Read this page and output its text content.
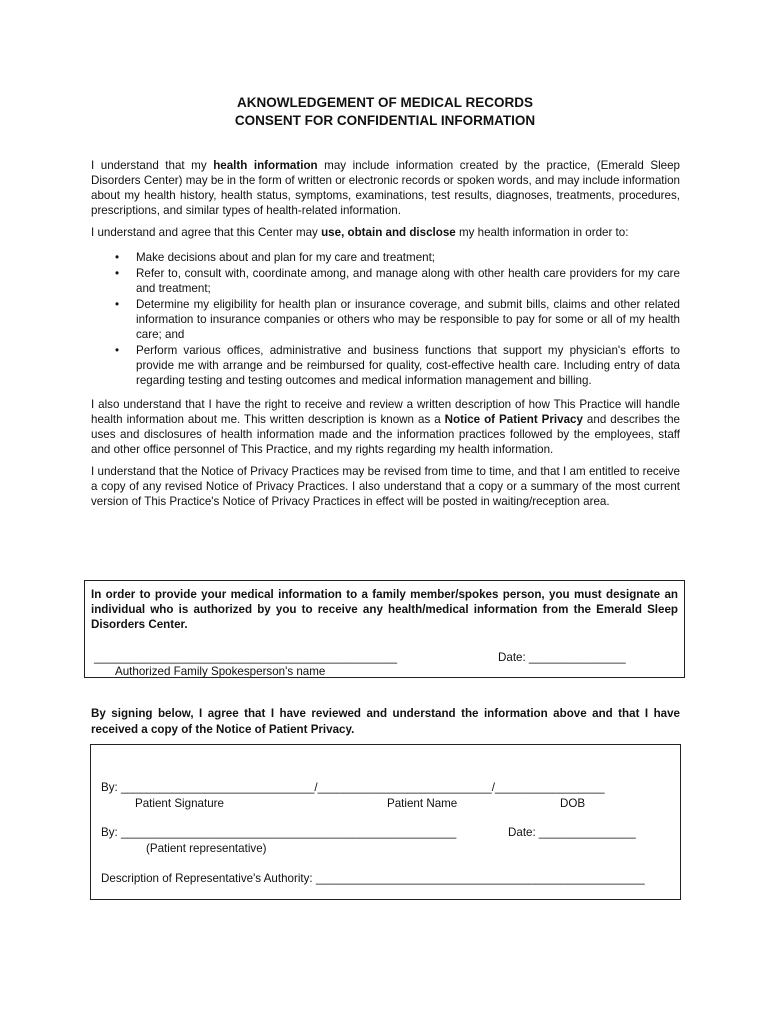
AKNOWLEDGEMENT OF MEDICAL RECORDS
CONSENT FOR CONFIDENTIAL INFORMATION

I understand that my health information may include information created by the practice, (Emerald Sleep Disorders Center) may be in the form of written or electronic records or spoken words, and may include information about my health history, health status, symptoms, examinations, test results, diagnoses, treatments, procedures, prescriptions, and similar types of health-related information.

I understand and agree that this Center may use, obtain and disclose my health information in order to:

• Make decisions about and plan for my care and treatment;
• Refer to, consult with, coordinate among, and manage along with other health care providers for my care and treatment;
• Determine my eligibility for health plan or insurance coverage, and submit bills, claims and other related information to insurance companies or others who may be responsible to pay for some or all of my health care; and
• Perform various offices, administrative and business functions that support my physician's efforts to provide me with arrange and be reimbursed for quality, cost-effective health care. Including entry of data regarding testing and testing outcomes and medical information management and billing.

I also understand that I have the right to receive and review a written description of how This Practice will handle health information about me. This written description is known as a Notice of Patient Privacy and describes the uses and disclosures of health information made and the information practices followed by the employees, staff and other office personnel of This Practice, and my rights regarding my health information.

I understand that the Notice of Privacy Practices may be revised from time to time, and that I am entitled to receive a copy of any revised Notice of Privacy Practices. I also understand that a copy or a summary of the most current version of This Practice's Notice of Privacy Practices in effect will be posted in waiting/reception area.

In order to provide your medical information to a family member/spokes person, you must designate an individual who is authorized by you to receive any health/medical information from the Emerald Sleep Disorders Center.
_______________________________________________	Date: _______________
Authorized Family Spokesperson's name
By signing below, I agree that I have reviewed and understand the information above and that I have received a copy of the Notice of Patient Privacy.
By: ______________________________/___________________________/_________________
Patient Signature	Patient Name	DOB
By: ____________________________________________________	Date: _______________
(Patient representative)
Description of Representative's Authority: ___________________________________________________
